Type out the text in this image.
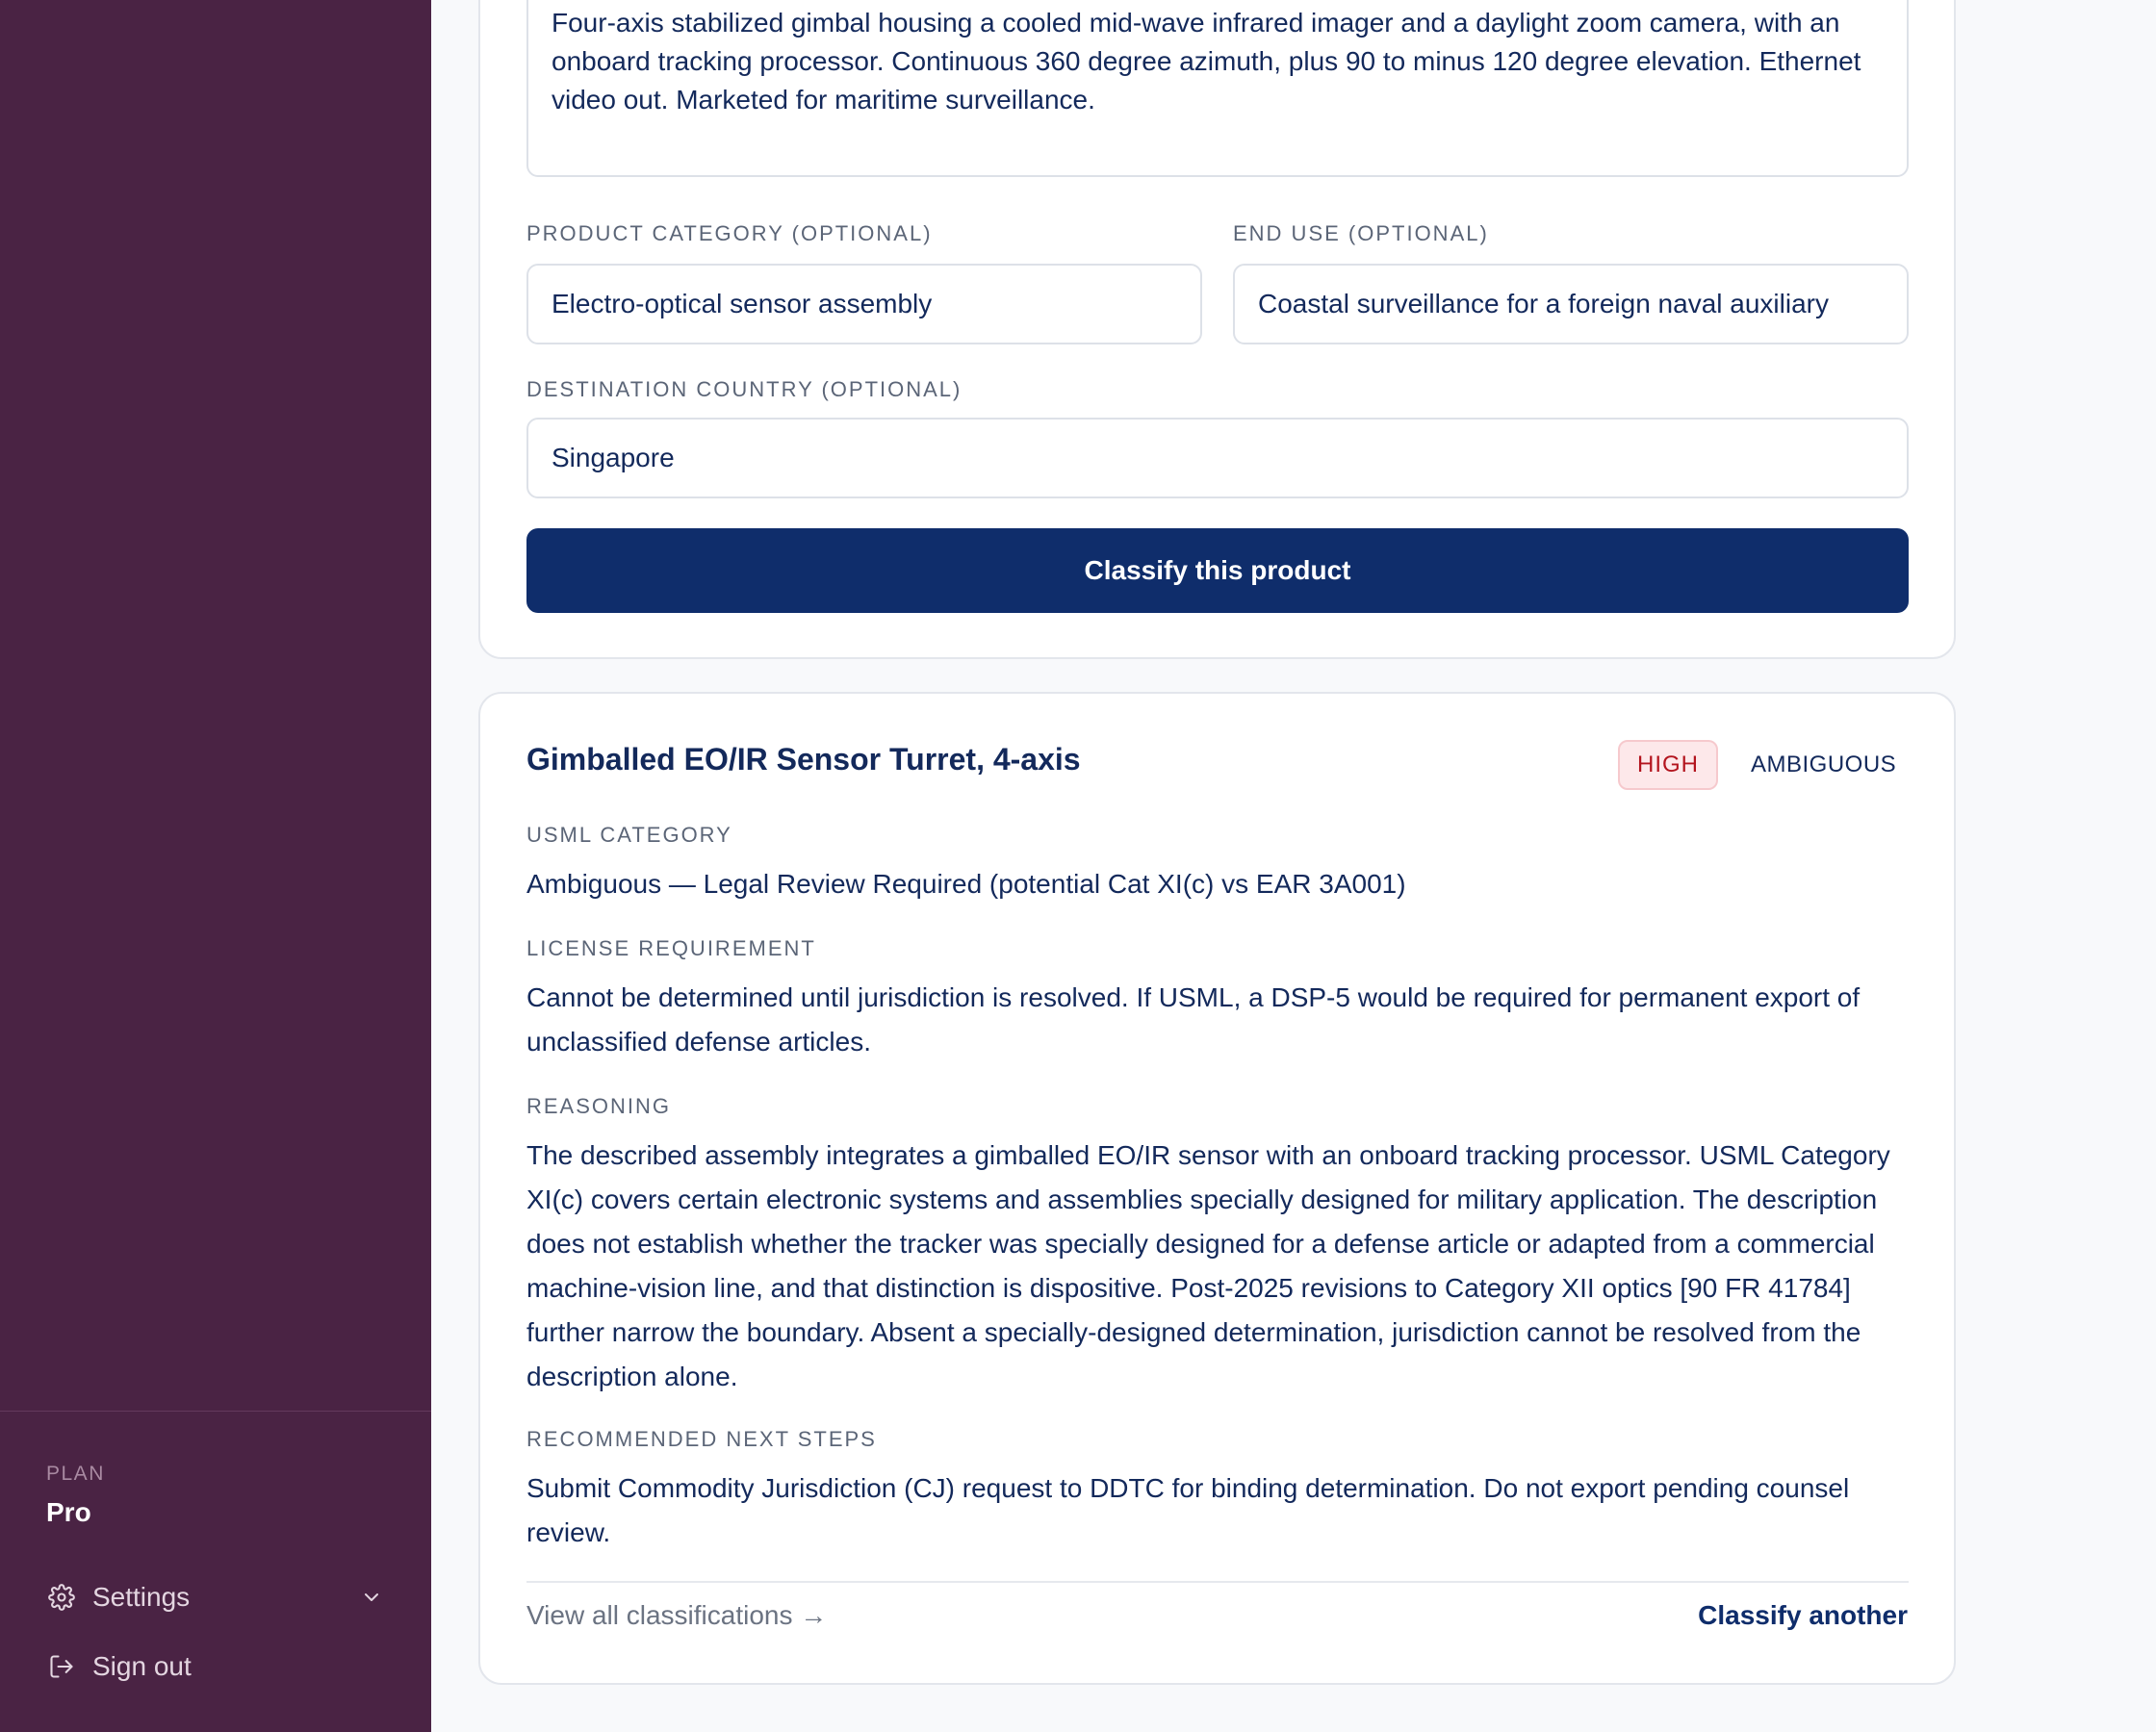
PLAN
Pro
Settings
Sign out
Four-axis stabilized gimbal housing a cooled mid-wave infrared imager and a daylight zoom camera, with an onboard tracking processor. Continuous 360 degree azimuth, plus 90 to minus 120 degree elevation. Ethernet video out. Marketed for maritime surveillance.
PRODUCT CATEGORY (OPTIONAL)
Electro-optical sensor assembly
END USE (OPTIONAL)
Coastal surveillance for a foreign naval auxiliary
DESTINATION COUNTRY (OPTIONAL)
Singapore
Classify this product
Gimballed EO/IR Sensor Turret, 4-axis	HIGH	AMBIGUOUS
USML CATEGORY
Ambiguous — Legal Review Required (potential Cat XI(c) vs EAR 3A001)
LICENSE REQUIREMENT
Cannot be determined until jurisdiction is resolved. If USML, a DSP-5 would be required for permanent export of unclassified defense articles.
REASONING
The described assembly integrates a gimballed EO/IR sensor with an onboard tracking processor. USML Category XI(c) covers certain electronic systems and assemblies specially designed for military application. The description does not establish whether the tracker was specially designed for a defense article or adapted from a commercial machine-vision line, and that distinction is dispositive. Post-2025 revisions to Category XII optics [90 FR 41784] further narrow the boundary. Absent a specially-designed determination, jurisdiction cannot be resolved from the description alone.
RECOMMENDED NEXT STEPS
Submit Commodity Jurisdiction (CJ) request to DDTC for binding determination. Do not export pending counsel review.
View all classifications →	Classify another
